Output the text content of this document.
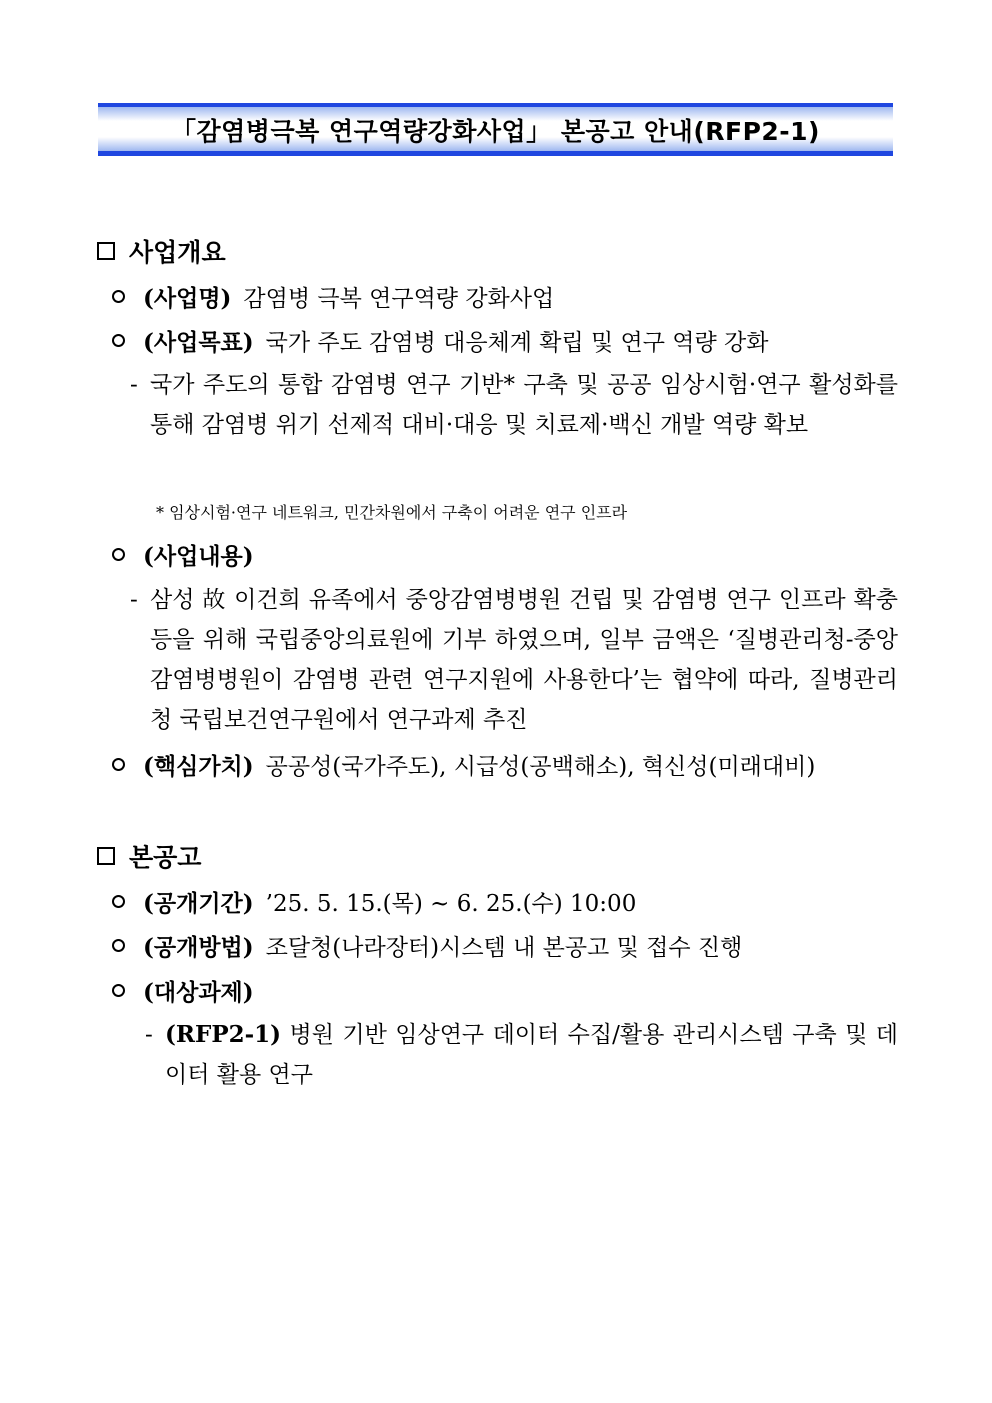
「감염병극복 연구역량강화사업」 본공고 안내(RFP2-1)
사업개요
(사업명) 감염병 극복 연구역량 강화사업
(사업목표) 국가 주도 감염병 대응체계 확립 및 연구 역량 강화
- 국가 주도의 통합 감염병 연구 기반* 구축 및 공공 임상시험·연구 활성화를 통해 감염병 위기 선제적 대비·대응 및 치료제·백신 개발 역량 확보
* 임상시험·연구 네트워크, 민간차원에서 구축이 어려운 연구 인프라
(사업내용)
- 삼성 故 이건희 유족에서 중앙감염병병원 건립 및 감염병 연구 인프라 확충 등을 위해 국립중앙의료원에 기부 하였으며, 일부 금액은 ‘질병관리청-중앙감염병병원이 감염병 관련 연구지원에 사용한다’는 협약에 따라, 질병관리청 국립보건연구원에서 연구과제 추진
(핵심가치) 공공성(국가주도), 시급성(공백해소), 혁신성(미래대비)
본공고
(공개기간) ’25. 5. 15.(목) ~ 6. 25.(수) 10:00
(공개방법) 조달청(나라장터)시스템 내 본공고 및 접수 진행
(대상과제)
- (RFP2-1) 병원 기반 임상연구 데이터 수집/활용 관리시스템 구축 및 데이터 활용 연구
